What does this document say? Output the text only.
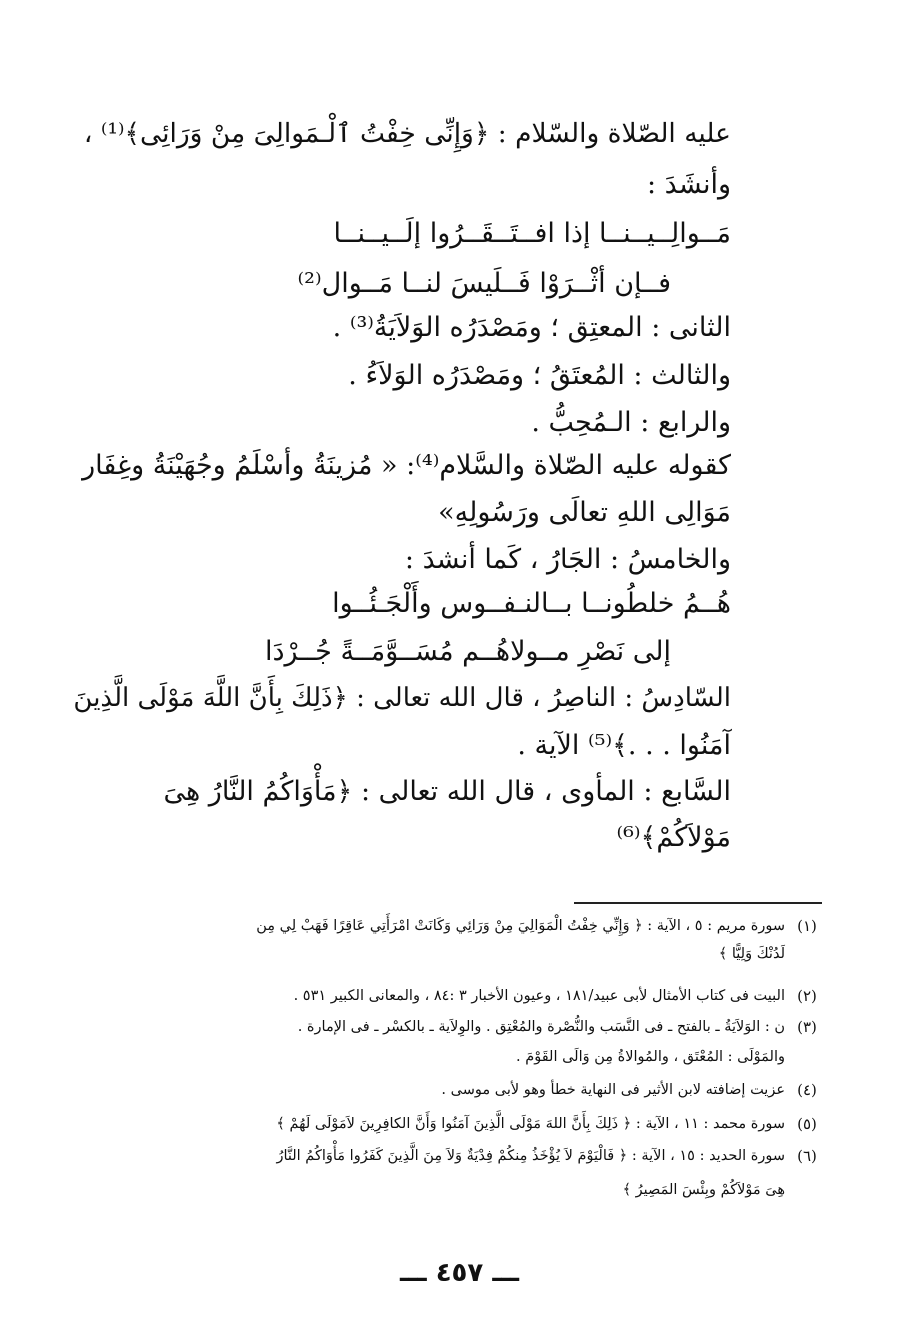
عليه الصّلاة والسّلام : ﴿وَإِنِّى خِفْتُ ٱلْـمَوالِىَ مِنْ وَرَائِى﴾⁽¹⁾ ،
وأنشَدَ :
مَــوالِــيــنــا إذا افــتَــقَــرُوا إلَــيــنــا
فــإن أثْــرَوْا فَــلَيسَ لنــا مَــوال⁽²⁾
الثانى : المعتِق ؛ ومَصْدَرُه الوَلاَيَةُ⁽³⁾ .
والثالث : المُعتَقُ ؛ ومَصْدَرُه الوَلاَءُ .
والرابع : الـمُحِبُّ .
كقوله عليه الصّلاة والسَّلام⁽⁴⁾: « مُزينَةُ وأسْلَمُ وجُهَيْنَةُ وغِفَار
مَوَالِى اللهِ تعالَى ورَسُولِهِ»
والخامسُ : الجَارُ ، كَما أنشدَ :
هُــمُ خلطُونــا بــالنـفــوس وأَلْجَـئُــوا
إلى نَصْرِ مــولاهُــم مُسَــوَّمَــةً جُــرْدَا
السّادِسُ : الناصِرُ ، قال الله تعالى : ﴿ذَلِكَ بِأَنَّ اللَّهَ مَوْلَى الَّذِينَ
آمَنُوا . . .﴾⁽⁵⁾ الآية .
السَّابع : المأوى ، قال الله تعالى : ﴿مَأْوَاكُمُ النَّارُ هِىَ
مَوْلاَكُمْ﴾⁽⁶⁾
(١)
سورة مريم : ٥ ، الآية : ﴿ وَإِنِّي خِفْتُ الْمَوَالِيَ مِنْ وَرَائِي وَكَانَتْ امْرَأَتِي عَاقِرًا فَهَبْ لِي مِن
لَدُنْكَ وَلِيًّا ﴾
(٢)
البيت فى كتاب الأمثال لأبى عبيد/١٨١ ، وعيون الأخبار ٣ :٨٤ ، والمعانى الكبير ٥٣١ .
(٣)
ن : الوَلاَيَةُ ـ بالفتح ـ فى النَّسَب والنُّصْرة والمُعْتِق . والوِلاَية ـ بالكسْر ـ فى الإمارة .
والمَوْلَى : المُعْتَق ، والمُوالاةُ مِن وَالَى القَوْمَ .
(٤)
عزيت إضافته لابن الأثير فى النهاية خطأ وهو لأبى موسى .
(٥)
سورة محمد : ١١ ، الآية : ﴿ ذَلِكَ بِأَنَّ اللهَ مَوْلَى الَّذِينَ آمَنُوا وَأَنَّ الكافِرِينَ لاَمَوْلَى لَهُمْ ﴾
(٦)
سورة الحديد : ١٥ ، الآية : ﴿ فَالْيَوْمَ لاَ يُؤْخَذُ مِنكُمْ فِدْيَةٌ وَلاَ مِنَ الَّذِينَ كَفَرُوا مَأْوَاكُمُ النَّارُ
هِىَ مَوْلاَكُمْ وبِئْسَ المَصِيرُ ﴾
ـــ ٤٥٧ ـــ
